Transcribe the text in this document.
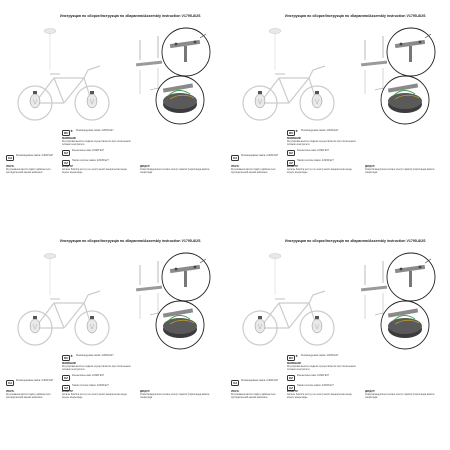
Инструкция по сборке/Інструкція по збиранню/Assembly instruction V1795-8/2S
RU ★ Рекомендуемая лампа: 2x60W E27
ВНИМАНИЕ!
Регулировка высоты подвеса осуществляется при отключенном питании электросети.
KZ	Ұсынылатын шам: 2x60W E27
UA	Рекомендована лампа: 2x60W E27
UZ	Тавсия этилган лампа: 2x60W E27
УВАГА!
Регулювання висоти підвісу здійснюється при відключеній мережі живлення.
ЕСКЕРТУ!
Аспалы биіктігін реттеу тек электр желісі ажыратылған кезде жүзеге асырылады.
ДИҚҚАТ!
Осма баландлигини созлаш электр тармоғи ўчирилганда амалга оширилади.
Инструкция по сборке/Інструкція по збиранню/Assembly instruction V1795-8/2S
RU ★ Рекомендуемая лампа: 2x60W E27
ВНИМАНИЕ!
Регулировка высоты подвеса осуществляется при отключенном питании электросети.
KZ	Ұсынылатын шам: 2x60W E27
UA	Рекомендована лампа: 2x60W E27
UZ	Тавсия этилган лампа: 2x60W E27
УВАГА!
Регулювання висоти підвісу здійснюється при відключеній мережі живлення.
ЕСКЕРТУ!
Аспалы биіктігін реттеу тек электр желісі ажыратылған кезде жүзеге асырылады.
ДИҚҚАТ!
Осма баландлигини созлаш электр тармоғи ўчирилганда амалга оширилади.
Инструкция по сборке/Інструкція по збиранню/Assembly instruction V1795-8/2S
RU ★ Рекомендуемая лампа: 2x60W E27
ВНИМАНИЕ!
Регулировка высоты подвеса осуществляется при отключенном питании электросети.
KZ	Ұсынылатын шам: 2x60W E27
UA	Рекомендована лампа: 2x60W E27
UZ	Тавсия этилган лампа: 2x60W E27
УВАГА!
Регулювання висоти підвісу здійснюється при відключеній мережі живлення.
ЕСКЕРТУ!
Аспалы биіктігін реттеу тек электр желісі ажыратылған кезде жүзеге асырылады.
ДИҚҚАТ!
Осма баландлигини созлаш электр тармоғи ўчирилганда амалга оширилади.
Инструкция по сборке/Інструкція по збиранню/Assembly instruction V1795-8/2S
RU ★ Рекомендуемая лампа: 2x60W E27
ВНИМАНИЕ!
Регулировка высоты подвеса осуществляется при отключенном питании электросети.
KZ	Ұсынылатын шам: 2x60W E27
UA	Рекомендована лампа: 2x60W E27
UZ	Тавсия этилган лампа: 2x60W E27
УВАГА!
Регулювання висоти підвісу здійснюється при відключеній мережі живлення.
ЕСКЕРТУ!
Аспалы биіктігін реттеу тек электр желісі ажыратылған кезде жүзеге асырылады.
ДИҚҚАТ!
Осма баландлигини созлаш электр тармоғи ўчирилганда амалга оширилади.
